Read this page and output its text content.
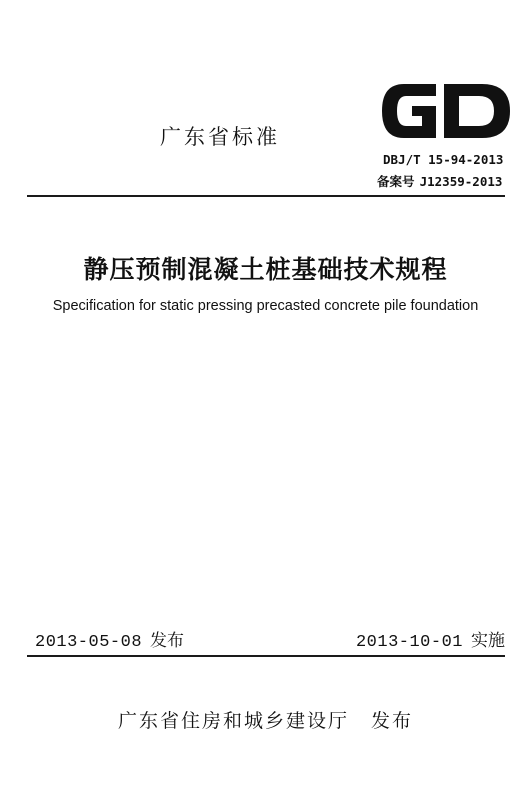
广东省标准
DBJ/T 15-94-2013
备案号 J12359-2013
静压预制混凝土桩基础技术规程
Specification for static pressing precasted concrete pile foundation
2013-05-08 发布	2013-10-01 实施
广东省住房和城乡建设厅 发布
